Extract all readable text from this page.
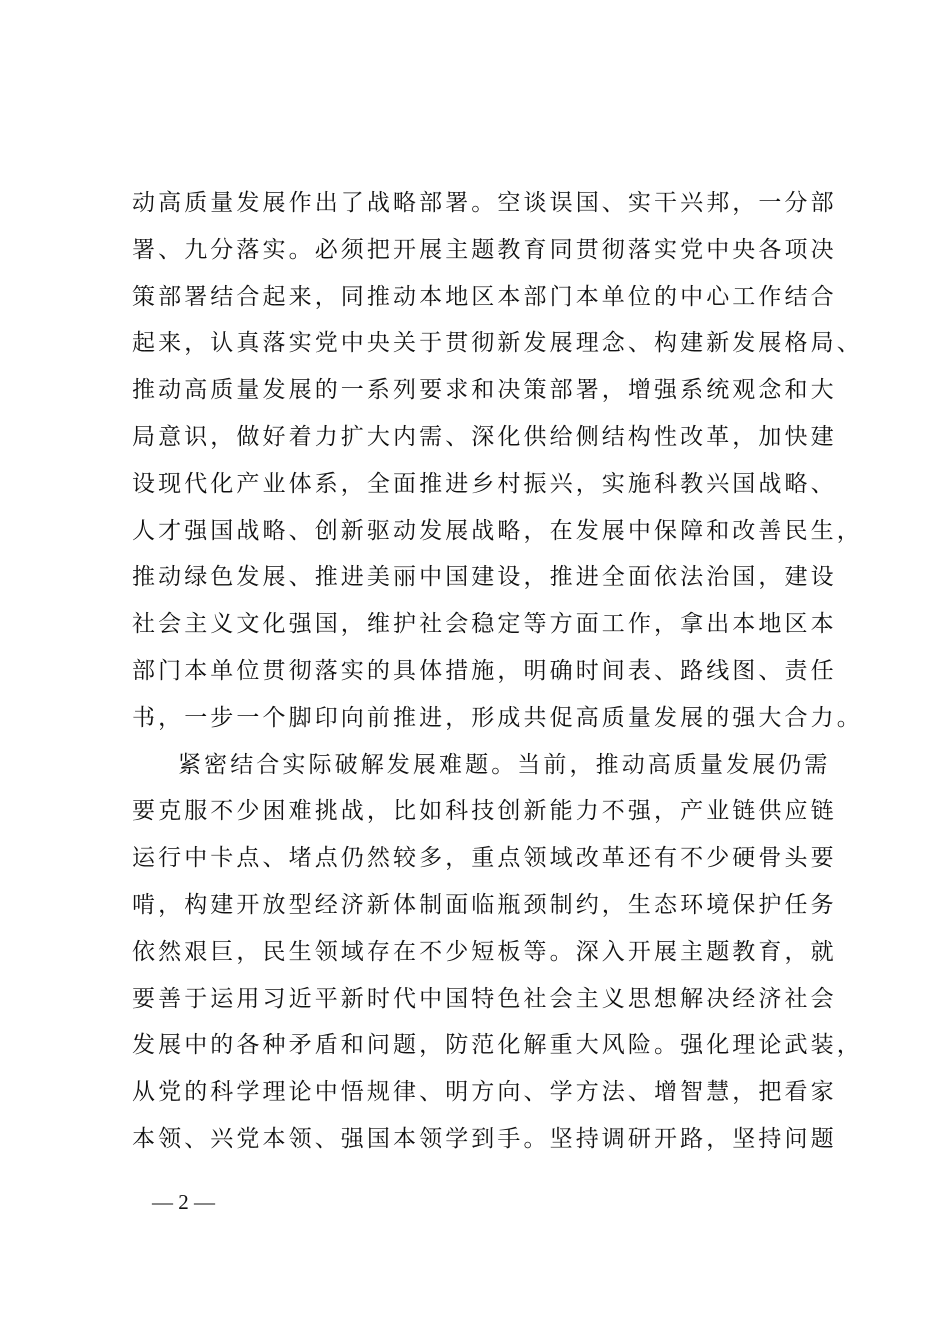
动高质量发展作出了战略部署。空谈误国、实干兴邦，一分部
署、九分落实。必须把开展主题教育同贯彻落实党中央各项决
策部署结合起来，同推动本地区本部门本单位的中心工作结合
起来，认真落实党中央关于贯彻新发展理念、构建新发展格局、
推动高质量发展的一系列要求和决策部署，增强系统观念和大
局意识，做好着力扩大内需、深化供给侧结构性改革，加快建
设现代化产业体系，全面推进乡村振兴，实施科教兴国战略、
人才强国战略、创新驱动发展战略，在发展中保障和改善民生，
推动绿色发展、推进美丽中国建设，推进全面依法治国，建设
社会主义文化强国，维护社会稳定等方面工作，拿出本地区本
部门本单位贯彻落实的具体措施，明确时间表、路线图、责任
书，一步一个脚印向前推进，形成共促高质量发展的强大合力。
紧密结合实际破解发展难题。当前，推动高质量发展仍需
要克服不少困难挑战，比如科技创新能力不强，产业链供应链
运行中卡点、堵点仍然较多，重点领域改革还有不少硬骨头要
啃，构建开放型经济新体制面临瓶颈制约，生态环境保护任务
依然艰巨，民生领域存在不少短板等。深入开展主题教育，就
要善于运用习近平新时代中国特色社会主义思想解决经济社会
发展中的各种矛盾和问题，防范化解重大风险。强化理论武装，
从党的科学理论中悟规律、明方向、学方法、增智慧，把看家
本领、兴党本领、强国本领学到手。坚持调研开路，坚持问题
— 2 —
